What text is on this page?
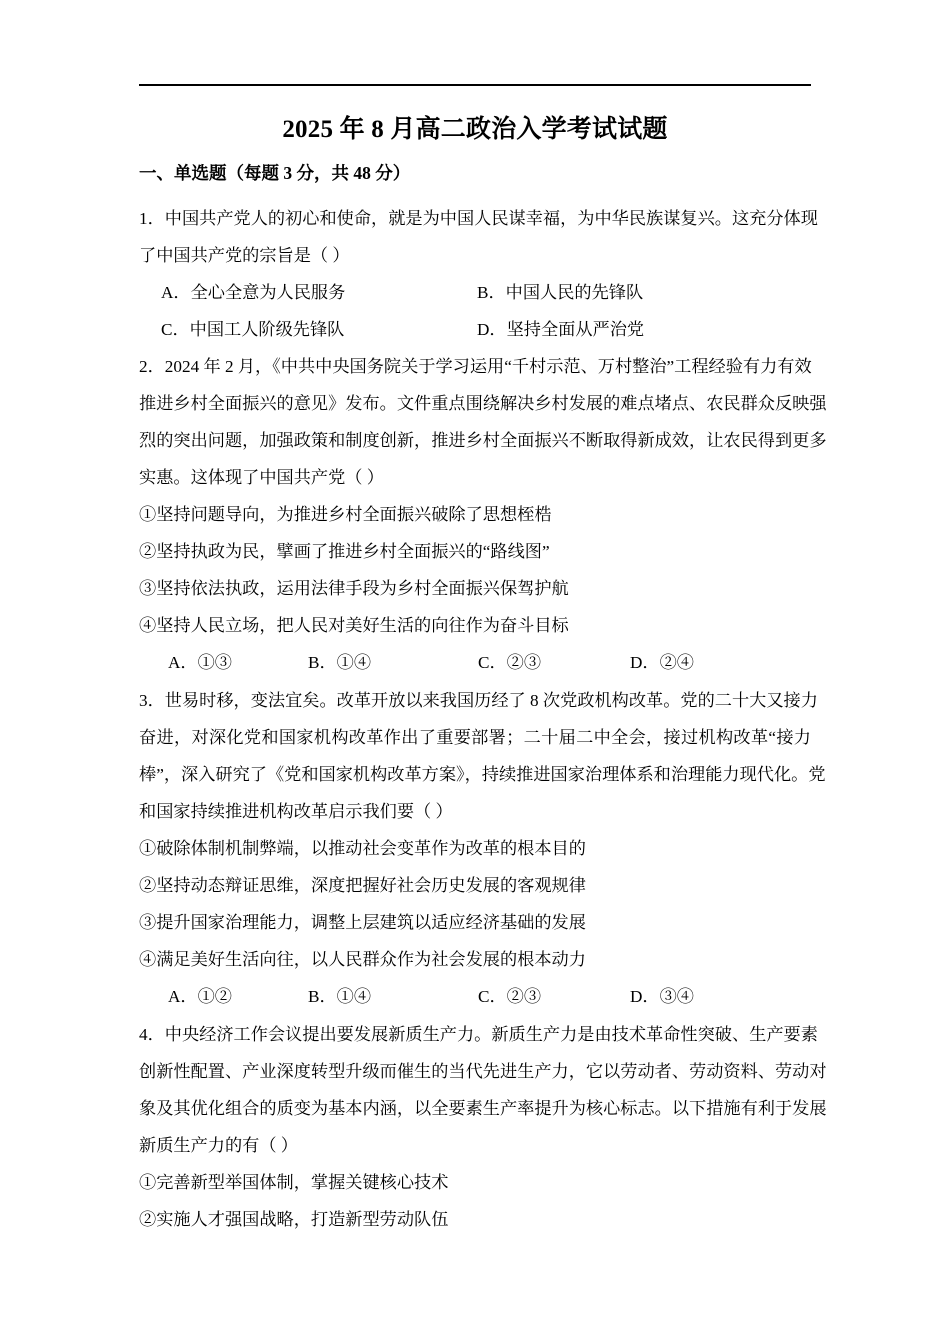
2025 年 8 月高二政治入学考试试题
一、单选题（每题 3 分，共 48 分）
1．中国共产党人的初心和使命，就是为中国人民谋幸福，为中华民族谋复兴。这充分体现
了中国共产党的宗旨是（ ）
A．全心全意为人民服务	B．中国人民的先锋队
C．中国工人阶级先锋队	D．坚持全面从严治党
2．2024 年 2 月，《中共中央国务院关于学习运用“千村示范、万村整治”工程经验有力有效
推进乡村全面振兴的意见》发布。文件重点围绕解决乡村发展的难点堵点、农民群众反映强
烈的突出问题，加强政策和制度创新，推进乡村全面振兴不断取得新成效，让农民得到更多
实惠。这体现了中国共产党（ ）
①坚持问题导向，为推进乡村全面振兴破除了思想桎梏
②坚持执政为民，擘画了推进乡村全面振兴的“路线图”
③坚持依法执政，运用法律手段为乡村全面振兴保驾护航
④坚持人民立场，把人民对美好生活的向往作为奋斗目标
A．①③	B．①④	C．②③	D．②④
3．世易时移，变法宜矣。改革开放以来我国历经了 8 次党政机构改革。党的二十大又接力
奋进，对深化党和国家机构改革作出了重要部署；二十届二中全会，接过机构改革“接力
棒”，深入研究了《党和国家机构改革方案》，持续推进国家治理体系和治理能力现代化。党
和国家持续推进机构改革启示我们要（ ）
①破除体制机制弊端，以推动社会变革作为改革的根本目的
②坚持动态辩证思维，深度把握好社会历史发展的客观规律
③提升国家治理能力，调整上层建筑以适应经济基础的发展
④满足美好生活向往，以人民群众作为社会发展的根本动力
A．①②	B．①④	C．②③	D．③④
4．中央经济工作会议提出要发展新质生产力。新质生产力是由技术革命性突破、生产要素
创新性配置、产业深度转型升级而催生的当代先进生产力，它以劳动者、劳动资料、劳动对
象及其优化组合的质变为基本内涵，以全要素生产率提升为核心标志。以下措施有利于发展
新质生产力的有（ ）
①完善新型举国体制，掌握关键核心技术
②实施人才强国战略，打造新型劳动队伍
